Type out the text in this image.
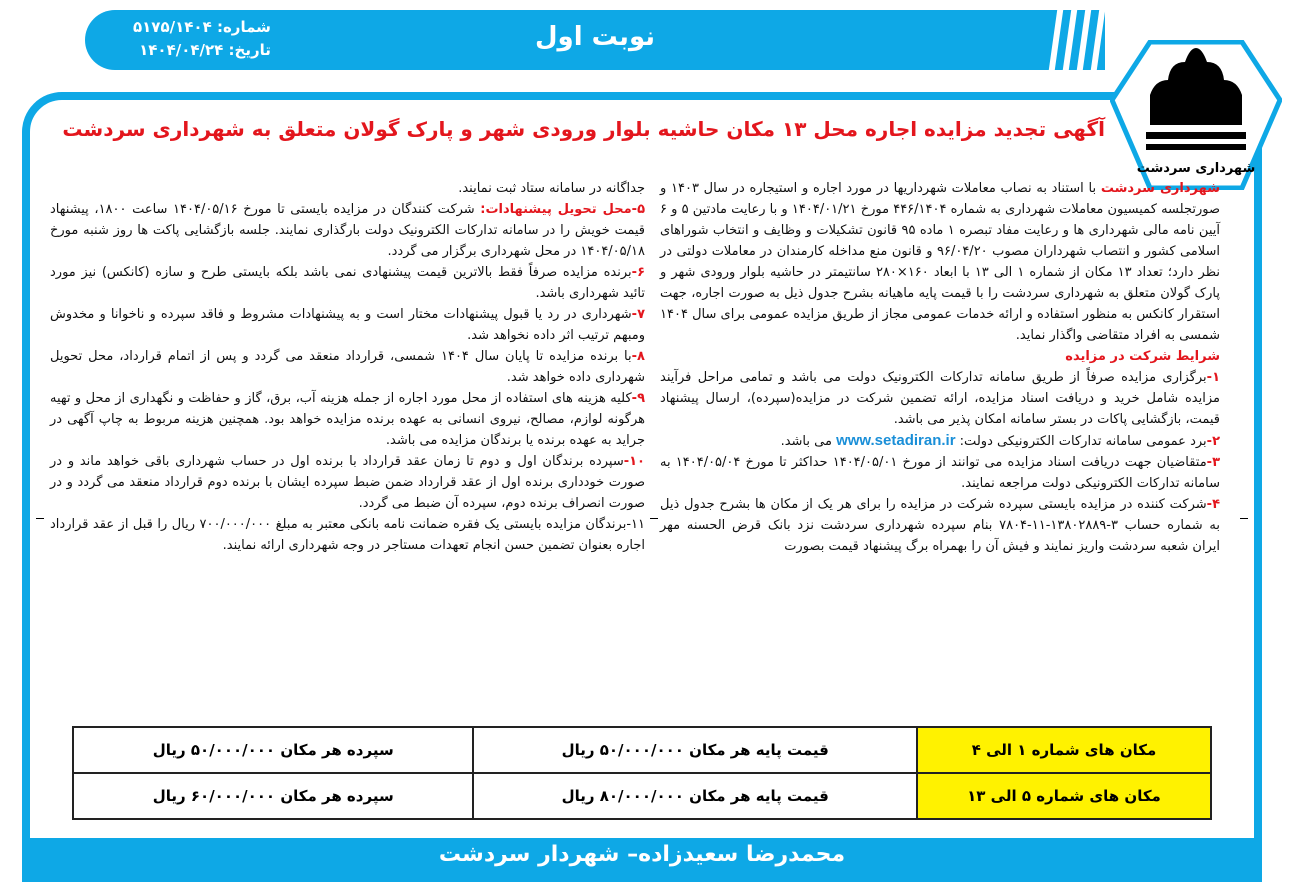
نوبت اول
شماره: ۵۱۷۵/۱۴۰۴
تاریخ: ۱۴۰۴/۰۴/۲۴
شهرداری سردشت
آگهی تجدید مزایده اجاره محل ۱۳ مکان حاشیه بلوار ورودی شهر و پارک گولان متعلق به شهرداری سردشت

شهرداری سردشت با استناد به نصاب معاملات شهرداریها در مورد اجاره و استیجاره در سال ۱۴۰۳ و صورتجلسه کمیسیون معاملات شهرداری به شماره ۴۴۶/۱۴۰۴ مورخ ۱۴۰۴/۰۱/۲۱ و با رعایت مادتین ۵ و ۶ آیین نامه مالی شهرداری ها و رعایت مفاد تبصره ۱ ماده ۹۵ قانون تشکیلات و وظایف و انتخاب شوراهای اسلامی کشور و انتصاب شهرداران مصوب ۹۶/۰۴/۲۰ و قانون منع مداخله کارمندان در معاملات دولتی در نظر دارد؛ تعداد ۱۳ مکان از شماره ۱ الی ۱۳ با ابعاد ۱۶۰×۲۸۰ سانتیمتر در حاشیه بلوار ورودی شهر و پارک گولان متعلق به شهرداری سردشت را با قیمت پایه ماهیانه بشرح جدول ذیل به صورت اجاره، جهت استقرار کانکس به منظور استفاده و ارائه خدمات عمومی مجاز از طریق مزایده عمومی برای سال ۱۴۰۴ شمسی به افراد متقاضی واگذار نماید.

شرایط شرکت در مزایده

۱-برگزاری مزایده صرفاً از طریق سامانه تدارکات الکترونیک دولت می باشد و تمامی مراحل فرآیند مزایده شامل خرید و دریافت اسناد مزایده، ارائه تضمین شرکت در مزایده(سپرده)، ارسال پیشنهاد قیمت، بازگشایی پاکات در بستر سامانه امکان پذیر می باشد.

۲-برد عمومی سامانه تدارکات الکترونیکی دولت: www.setadiran.ir می باشد.

۳-متقاضیان جهت دریافت اسناد مزایده می توانند از مورخ ۱۴۰۴/۰۵/۰۱ حداکثر تا مورخ ۱۴۰۴/۰۵/۰۴ به سامانه تدارکات الکترونیکی دولت مراجعه نمایند.

۴-شرکت کننده در مزایده بایستی سپرده شرکت در مزایده را برای هر یک از مکان ها بشرح جدول ذیل به شماره حساب ۳-۱۳۸۰۲۸۸۹-۱۱-۷۸۰۴ بنام سپرده شهرداری سردشت نزد بانک قرض الحسنه مهر ایران شعبه سردشت واریز نمایند و فیش آن را بهمراه برگ پیشنهاد قیمت بصورت

جداگانه در سامانه ستاد ثبت نمایند.

۵-محل تحویل پیشنهادات: شرکت کنندگان در مزایده بایستی تا مورخ ۱۴۰۴/۰۵/۱۶ ساعت ۱۸۰۰، پیشنهاد قیمت خویش را در سامانه تدارکات الکترونیک دولت بارگذاری نمایند. جلسه بازگشایی پاکت ها روز شنبه مورخ ۱۴۰۴/۰۵/۱۸ در محل شهرداری برگزار می گردد.

۶-برنده مزایده صرفاً فقط بالاترین قیمت پیشنهادی نمی باشد بلکه بایستی طرح و سازه (کانکس) نیز مورد تائید شهرداری باشد.

۷-شهرداری در رد یا قبول پیشنهادات مختار است و به پیشنهادات مشروط و فاقد سپرده و ناخوانا و مخدوش ومبهم ترتیب اثر داده نخواهد شد.

۸-با برنده مزایده تا پایان سال ۱۴۰۴ شمسی، قرارداد منعقد می گردد و پس از اتمام قرارداد، محل تحویل شهرداری داده خواهد شد.

۹-کلیه هزینه های استفاده از محل مورد اجاره از جمله هزینه آب، برق، گاز و حفاظت و نگهداری از محل و تهیه هرگونه لوازم، مصالح، نیروی انسانی به عهده برنده مزایده خواهد بود. همچنین هزینه مربوط به چاپ آگهی در جراید به عهده برنده یا برندگان مزایده می باشد.

۱۰-سپرده برندگان اول و دوم تا زمان عقد قرارداد با برنده اول در حساب شهرداری باقی خواهد ماند و در صورت خودداری برنده اول از عقد قرارداد ضمن ضبط سپرده ایشان با برنده دوم قرارداد منعقد می گردد و در صورت انصراف برنده دوم، سپرده آن ضبط می گردد.

۱۱-برندگان مزایده بایستی یک فقره ضمانت نامه بانکی معتبر به مبلغ ۷۰۰/۰۰۰/۰۰۰ ریال را قبل از عقد قرارداد اجاره بعنوان تضمین حسن انجام تعهدات مستاجر در وجه شهرداری ارائه نمایند.

مکان های شماره ۱ الی ۴	قیمت پایه هر مکان ۵۰/۰۰۰/۰۰۰ ریال	سپرده هر مکان ۵۰/۰۰۰/۰۰۰ ریال
مکان های شماره ۵ الی ۱۳	قیمت پایه هر مکان ۸۰/۰۰۰/۰۰۰ ریال	سپرده هر مکان ۶۰/۰۰۰/۰۰۰ ریال
محمدرضا سعیدزاده– شهردار سردشت
